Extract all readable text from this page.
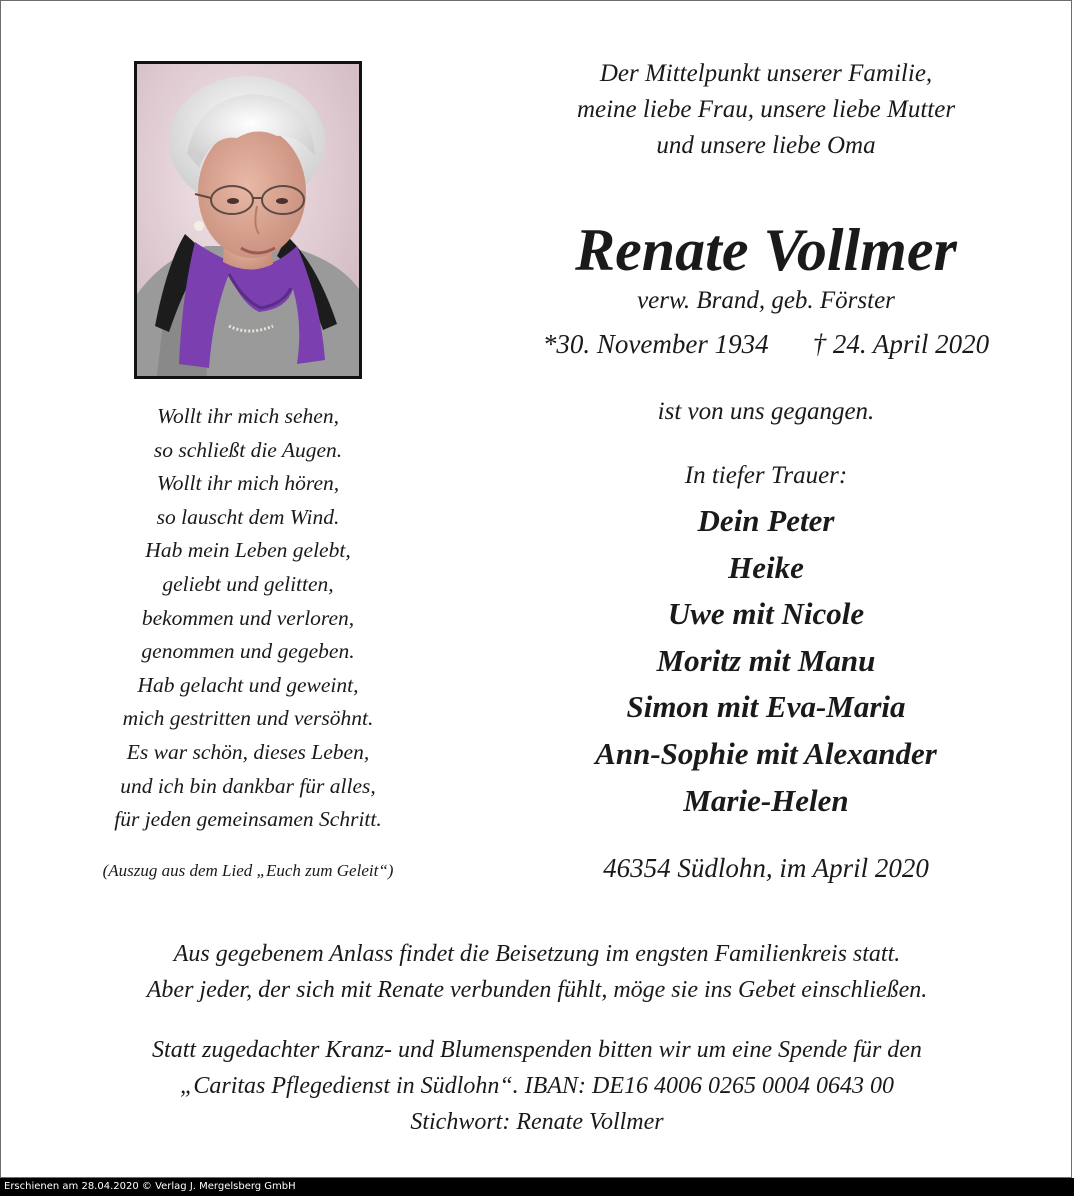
Der Mittelpunkt unserer Familie,
meine liebe Frau, unsere liebe Mutter
und unsere liebe Oma
Renate Vollmer
verw. Brand, geb. Förster
*30. November 1934 † 24. April 2020
ist von uns gegangen.
In tiefer Trauer:
Dein Peter
Heike
Uwe mit Nicole
Moritz mit Manu
Simon mit Eva-Maria
Ann-Sophie mit Alexander
Marie-Helen
46354 Südlohn, im April 2020
Wollt ihr mich sehen,
so schließt die Augen.
Wollt ihr mich hören,
so lauscht dem Wind.
Hab mein Leben gelebt,
geliebt und gelitten,
bekommen und verloren,
genommen und gegeben.
Hab gelacht und geweint,
mich gestritten und versöhnt.
Es war schön, dieses Leben,
und ich bin dankbar für alles,
für jeden gemeinsamen Schritt.
(Auszug aus dem Lied „Euch zum Geleit“)
Aus gegebenem Anlass findet die Beisetzung im engsten Familienkreis statt.
Aber jeder, der sich mit Renate verbunden fühlt, möge sie ins Gebet einschließen.
Statt zugedachter Kranz- und Blumenspenden bitten wir um eine Spende für den
„Caritas Pflegedienst in Südlohn“. IBAN: DE16 4006 0265 0004 0643 00
Stichwort: Renate Vollmer
Erschienen am 28.04.2020 © Verlag J. Mergelsberg GmbH
